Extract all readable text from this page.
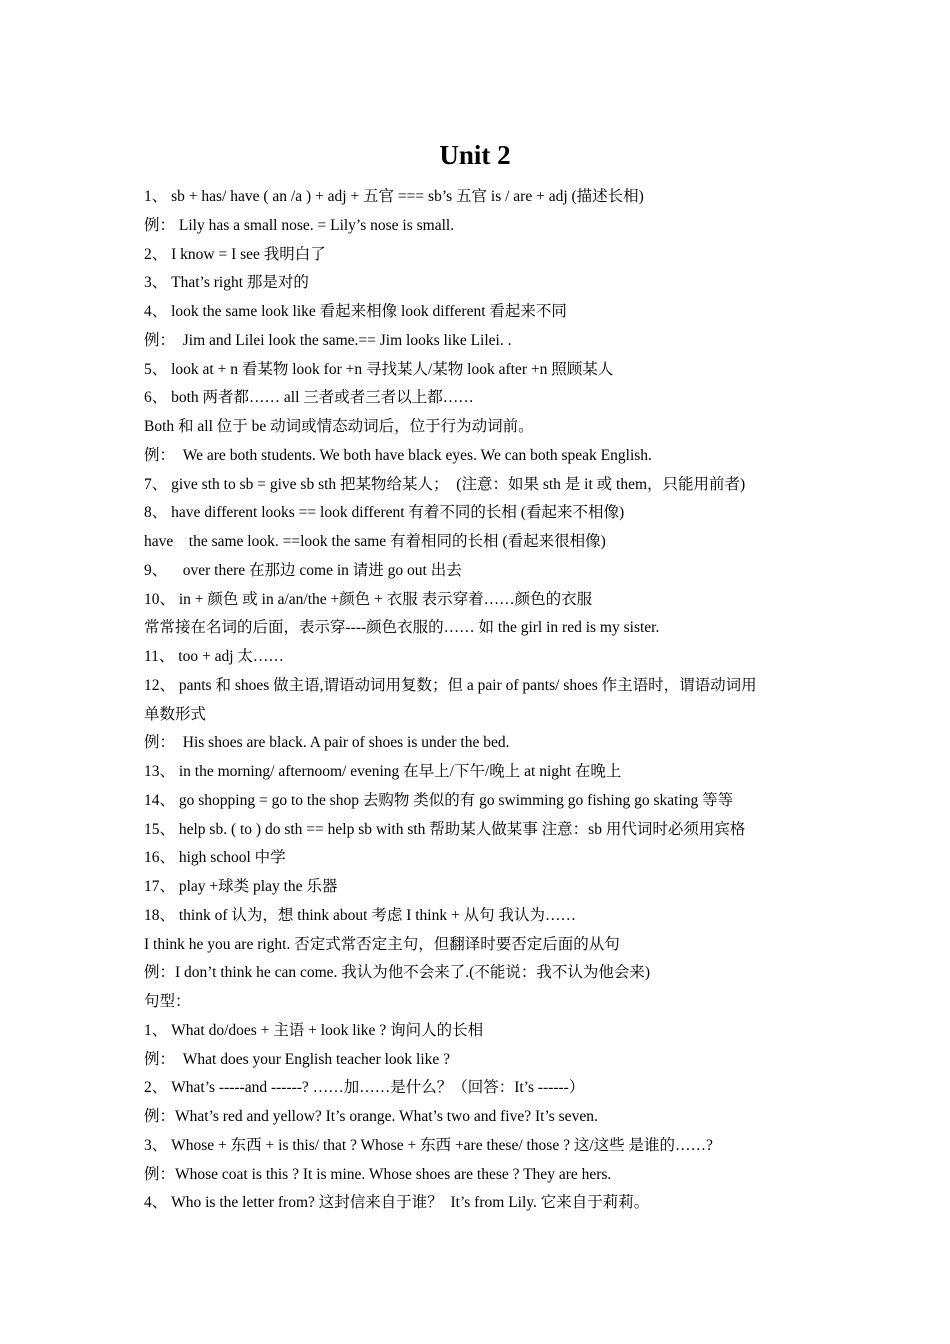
Unit 2
1、 sb + has/ have ( an /a ) + adj + 五官 === sb’s 五官 is / are + adj (描述长相)
例： Lily has a small nose. = Lily’s nose is small.
2、 I know = I see 我明白了
3、 That’s right 那是对的
4、 look the same look like 看起来相像 look different 看起来不同
例：  Jim and Lilei look the same.== Jim looks like Lilei. .
5、 look at + n 看某物 look for +n 寻找某人/某物 look after +n 照顾某人
6、 both 两者都…… all 三者或者三者以上都……
Both 和 all 位于 be 动词或情态动词后，位于行为动词前。
例：  We are both students. We both have black eyes. We can both speak English.
7、 give sth to sb = give sb sth 把某物给某人；  (注意：如果 sth 是 it 或 them，只能用前者)
8、 have different looks == look different 有着不同的长相 (看起来不相像)
have    the same look. ==look the same 有着相同的长相 (看起来很相像)
9、    over there 在那边 come in 请进 go out 出去
10、 in + 颜色 或 in a/an/the +颜色 + 衣服 表示穿着……颜色的衣服
常常接在名词的后面，表示穿----颜色衣服的…… 如 the girl in red is my sister.
11、 too + adj 太……
12、 pants 和 shoes 做主语,谓语动词用复数；但 a pair of pants/ shoes 作主语时，谓语动词用
单数形式
例：  His shoes are black. A pair of shoes is under the bed.
13、 in the morning/ afternoom/ evening 在早上/下午/晚上 at night 在晚上
14、 go shopping = go to the shop 去购物 类似的有 go swimming go fishing go skating 等等
15、 help sb. ( to ) do sth == help sb with sth 帮助某人做某事 注意：sb 用代词时必须用宾格
16、 high school 中学
17、 play +球类 play the 乐器
18、 think of 认为，想 think about 考虑 I think + 从句 我认为……
I think he you are right. 否定式常否定主句，但翻译时要否定后面的从句
例：I don’t think he can come. 我认为他不会来了.(不能说：我不认为他会来)
句型：
1、 What do/does + 主语 + look like ? 询问人的长相
例：  What does your English teacher look like ?
2、 What’s -----and ------? ……加……是什么？（回答：It’s ------）
例：What’s red and yellow? It’s orange. What’s two and five? It’s seven.
3、 Whose + 东西 + is this/ that ? Whose + 东西 +are these/ those ? 这/这些 是谁的……?
例：Whose coat is this ? It is mine. Whose shoes are these ? They are hers.
4、 Who is the letter from? 这封信来自于谁？  It’s from Lily. 它来自于莉莉。
